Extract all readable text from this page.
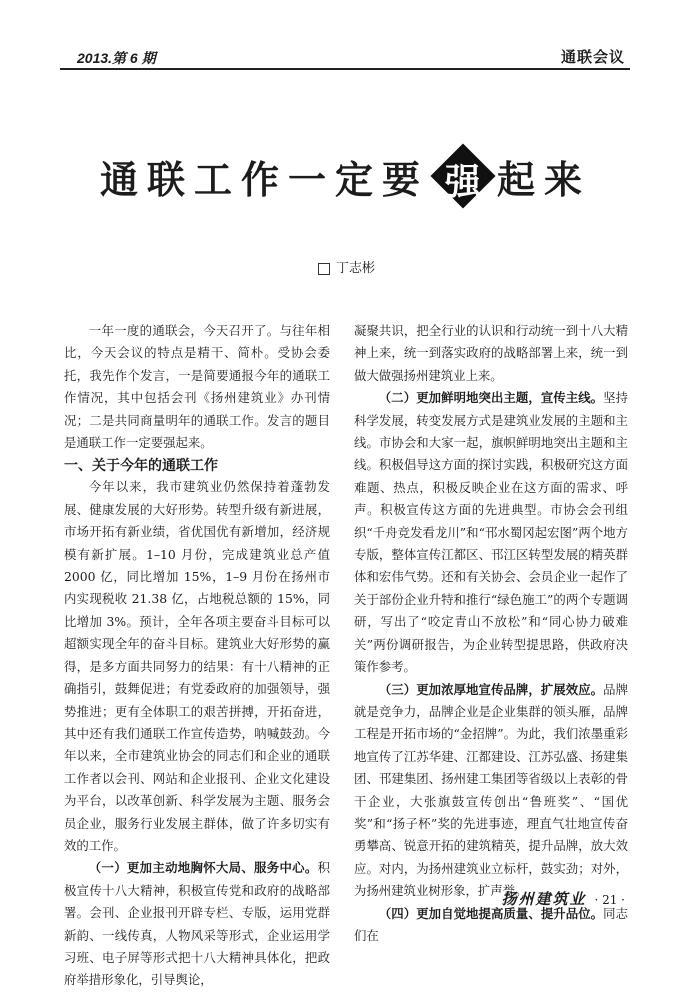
2013.第 6 期	通联会议
通联工作一定要 强 起来
丁志彬

一年一度的通联会，今天召开了。与往年相比，今天会议的特点是精干、简朴。受协会委托，我先作个发言，一是简要通报今年的通联工作情况，其中包括会刊《扬州建筑业》办刊情况；二是共同商量明年的通联工作。发言的题目是通联工作一定要强起来。

一、关于今年的通联工作

今年以来，我市建筑业仍然保持着蓬勃发展、健康发展的大好形势。转型升级有新进展，市场开拓有新业绩，省优国优有新增加，经济规模有新扩展。1–10 月份，完成建筑业总产值 2000 亿，同比增加 15%，1–9 月份在扬州市内实现税收 21.38 亿，占地税总额的 15%，同比增加 3%。预计，全年各项主要奋斗目标可以超额实现全年的奋斗目标。建筑业大好形势的赢得，是多方面共同努力的结果：有十八精神的正确指引，鼓舞促进；有党委政府的加强领导，强势推进；更有全体职工的艰苦拼搏，开拓奋进，其中还有我们通联工作宣传造势，呐喊鼓劲。今年以来，全市建筑业协会的同志们和企业的通联工作者以会刊、网站和企业报刊、企业文化建设为平台，以改革创新、科学发展为主题、服务会员企业，服务行业发展主群体，做了许多切实有效的工作。

（一）更加主动地胸怀大局、服务中心。积极宣传十八大精神，积极宣传党和政府的战略部署。会刊、企业报刊开辟专栏、专版，运用党群新韵、一线传真，人物风采等形式，企业运用学习班、电子屏等形式把十八大精神具体化，把政府举措形象化，引导舆论，

凝聚共识，把全行业的认识和行动统一到十八大精神上来，统一到落实政府的战略部署上来，统一到做大做强扬州建筑业上来。

（二）更加鲜明地突出主题，宣传主线。坚持科学发展，转变发展方式是建筑业发展的主题和主线。市协会和大家一起，旗帜鲜明地突出主题和主线。积极倡导这方面的探讨实践，积极研究这方面难题、热点，积极反映企业在这方面的需求、呼声。积极宣传这方面的先进典型。市协会会刊组织“千舟竞发看龙川”和“邗水蜀冈起宏图”两个地方专版，整体宣传江都区、邗江区转型发展的精英群体和宏伟气势。还和有关协会、会员企业一起作了关于部份企业升特和推行“绿色施工”的两个专题调研，写出了“咬定青山不放松”和“同心协力破难关”两份调研报告，为企业转型提思路，供政府决策作参考。

（三）更加浓厚地宣传品牌，扩展效应。品牌就是竞争力，品牌企业是企业集群的领头雁，品牌工程是开拓市场的“金招牌”。为此，我们浓墨重彩地宣传了江苏华建、江都建设、江苏弘盛、扬建集团、邗建集团、扬州建工集团等省级以上表彰的骨干企业，大张旗鼓宣传创出“鲁班奖”、“国优奖”和“扬子杯”奖的先进事迹，理直气壮地宣传奋勇攀高、锐意开拓的建筑精英，提升品牌，放大效应。对内，为扬州建筑业立标杆，鼓实劲；对外，为扬州建筑业树形象，扩声誉。

（四）更加自觉地提高质量、提升品位。同志们在

扬州建筑业 · 21 ·
